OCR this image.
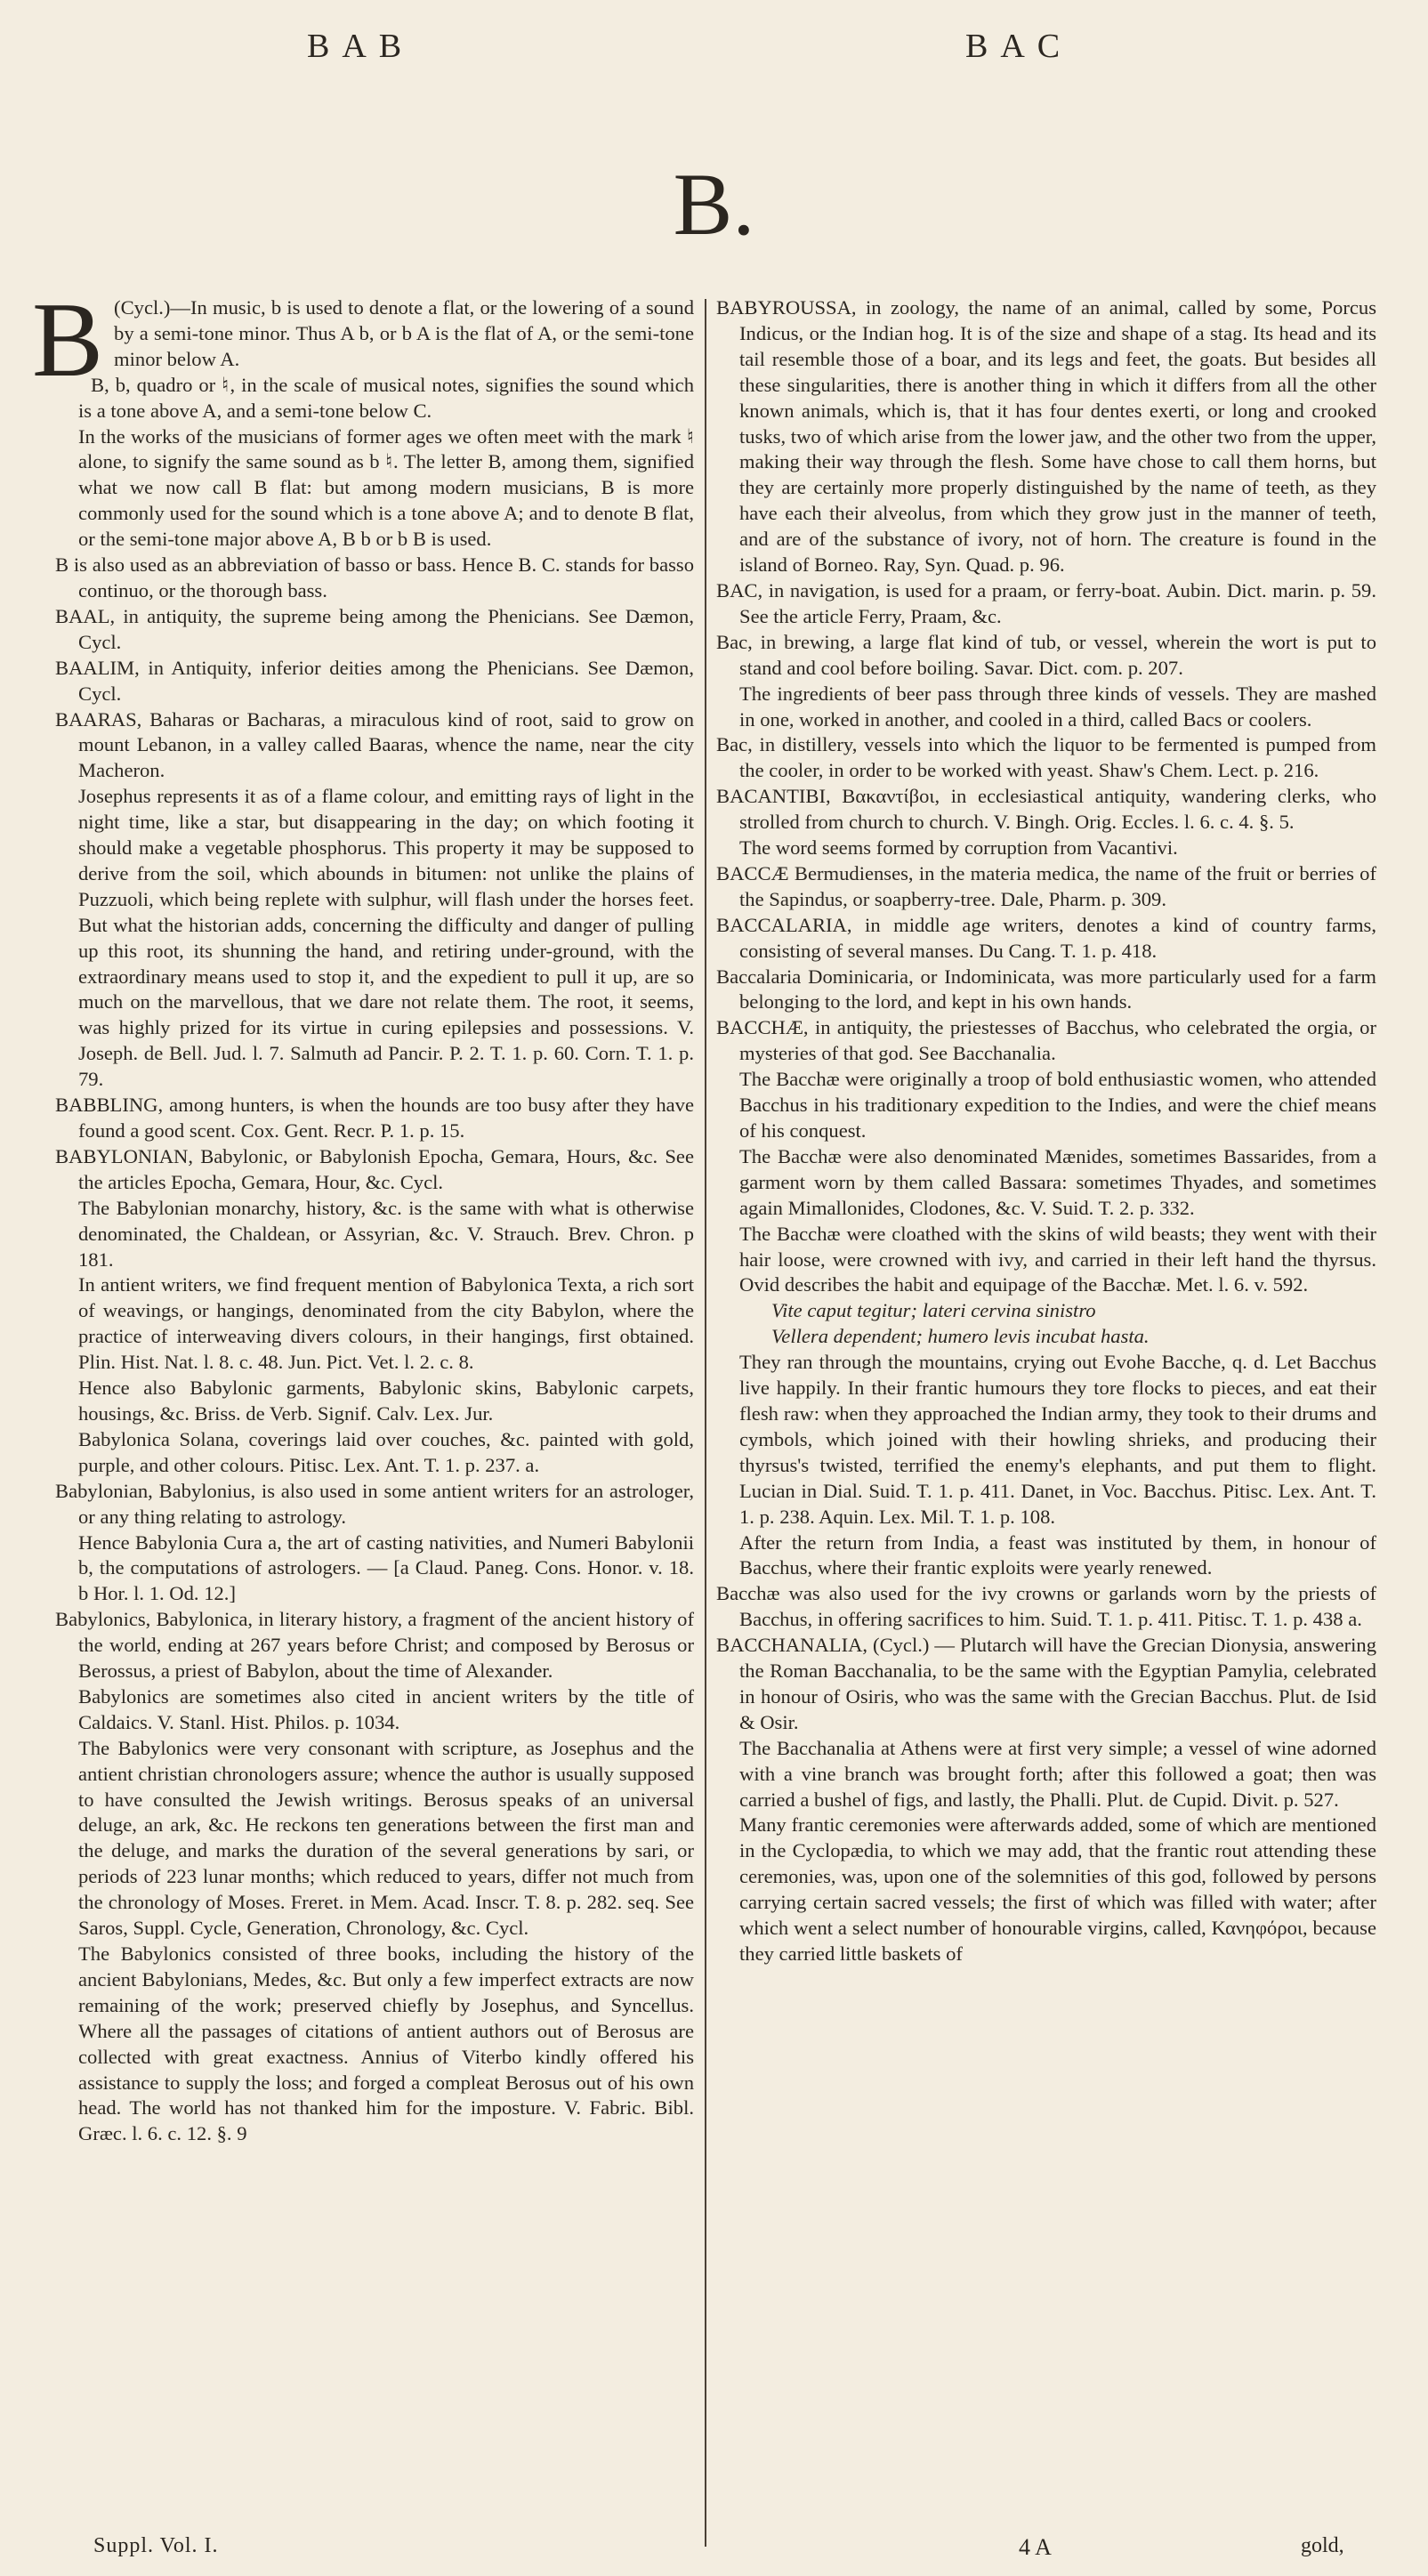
BAB	BAC
B.

B (Cycl.)—In music, b is used to denote a flat, or the lowering of a sound by a semi-tone minor. Thus A b, or b A is the flat of A, or the semi-tone minor below A.

B, b, quadro or ♮, in the scale of musical notes, signifies the sound which is a tone above A, and a semi-tone below C.

In the works of the musicians of former ages we often meet with the mark ♮ alone, to signify the same sound as b ♮. The letter B, among them, signified what we now call B flat: but among modern musicians, B is more commonly used for the sound which is a tone above A; and to denote B flat, or the semi-tone major above A, B b or b B is used.

B is also used as an abbreviation of basso or bass. Hence B. C. stands for basso continuo, or the thorough bass.

BAAL, in antiquity, the supreme being among the Phenicians. See Dæmon, Cycl.

BAALIM, in Antiquity, inferior deities among the Phenicians. See Dæmon, Cycl.

BAARAS, Baharas or Bacharas, a miraculous kind of root, said to grow on mount Lebanon, in a valley called Baaras, whence the name, near the city Macheron.

Josephus represents it as of a flame colour, and emitting rays of light in the night time, like a star, but disappearing in the day; on which footing it should make a vegetable phosphorus. This property it may be supposed to derive from the soil, which abounds in bitumen: not unlike the plains of Puzzuoli, which being replete with sulphur, will flash under the horses feet. But what the historian adds, concerning the difficulty and danger of pulling up this root, its shunning the hand, and retiring under-ground, with the extraordinary means used to stop it, and the expedient to pull it up, are so much on the marvellous, that we dare not relate them. The root, it seems, was highly prized for its virtue in curing epilepsies and possessions. V. Joseph. de Bell. Jud. l. 7. Salmuth ad Pancir. P. 2. T. 1. p. 60. Corn. T. 1. p. 79.

BABBLING, among hunters, is when the hounds are too busy after they have found a good scent. Cox. Gent. Recr. P. 1. p. 15.

BABYLONIAN, Babylonic, or Babylonish Epocha, Gemara, Hours, &c. See the articles Epocha, Gemara, Hour, &c. Cycl.

The Babylonian monarchy, history, &c. is the same with what is otherwise denominated, the Chaldean, or Assyrian, &c. V. Strauch. Brev. Chron. p 181.

In antient writers, we find frequent mention of Babylonica Texta, a rich sort of weavings, or hangings, denominated from the city Babylon, where the practice of interweaving divers colours, in their hangings, first obtained. Plin. Hist. Nat. l. 8. c. 48. Jun. Pict. Vet. l. 2. c. 8.

Hence also Babylonic garments, Babylonic skins, Babylonic carpets, housings, &c. Briss. de Verb. Signif. Calv. Lex. Jur.

Babylonica Solana, coverings laid over couches, &c. painted with gold, purple, and other colours. Pitisc. Lex. Ant. T. 1. p. 237. a.

Babylonian, Babylonius, is also used in some antient writers for an astrologer, or any thing relating to astrology.

Hence Babylonia Cura a, the art of casting nativities, and Numeri Babylonii b, the computations of astrologers. — [a Claud. Paneg. Cons. Honor. v. 18. b Hor. l. 1. Od. 12.]

Babylonics, Babylonica, in literary history, a fragment of the ancient history of the world, ending at 267 years before Christ; and composed by Berosus or Berossus, a priest of Babylon, about the time of Alexander.

Babylonics are sometimes also cited in ancient writers by the title of Caldaics. V. Stanl. Hist. Philos. p. 1034.

The Babylonics were very consonant with scripture, as Josephus and the antient christian chronologers assure; whence the author is usually supposed to have consulted the Jewish writings. Berosus speaks of an universal deluge, an ark, &c. He reckons ten generations between the first man and the deluge, and marks the duration of the several generations by sari, or periods of 223 lunar months; which reduced to years, differ not much from the chronology of Moses. Freret. in Mem. Acad. Inscr. T. 8. p. 282. seq. See Saros, Suppl. Cycle, Generation, Chronology, &c. Cycl.

The Babylonics consisted of three books, including the history of the ancient Babylonians, Medes, &c. But only a few imperfect extracts are now remaining of the work; preserved chiefly by Josephus, and Syncellus. Where all the passages of citations of antient authors out of Berosus are collected with great exactness. Annius of Viterbo kindly offered his assistance to supply the loss; and forged a compleat Berosus out of his own head. The world has not thanked him for the imposture. V. Fabric. Bibl. Græc. l. 6. c. 12. §. 9

BABYROUSSA, in zoology, the name of an animal, called by some, Porcus Indicus, or the Indian hog. It is of the size and shape of a stag. Its head and its tail resemble those of a boar, and its legs and feet, the goats. But besides all these singularities, there is another thing in which it differs from all the other known animals, which is, that it has four dentes exerti, or long and crooked tusks, two of which arise from the lower jaw, and the other two from the upper, making their way through the flesh. Some have chose to call them horns, but they are certainly more properly distinguished by the name of teeth, as they have each their alveolus, from which they grow just in the manner of teeth, and are of the substance of ivory, not of horn. The creature is found in the island of Borneo. Ray, Syn. Quad. p. 96.

BAC, in navigation, is used for a praam, or ferry-boat. Aubin. Dict. marin. p. 59. See the article Ferry, Praam, &c.

Bac, in brewing, a large flat kind of tub, or vessel, wherein the wort is put to stand and cool before boiling. Savar. Dict. com. p. 207.

The ingredients of beer pass through three kinds of vessels. They are mashed in one, worked in another, and cooled in a third, called Bacs or coolers.

Bac, in distillery, vessels into which the liquor to be fermented is pumped from the cooler, in order to be worked with yeast. Shaw's Chem. Lect. p. 216.

BACANTIBI, Βακαντίβοι, in ecclesiastical antiquity, wandering clerks, who strolled from church to church. V. Bingh. Orig. Eccles. l. 6. c. 4. §. 5.

The word seems formed by corruption from Vacantivi.

BACCÆ Bermudienses, in the materia medica, the name of the fruit or berries of the Sapindus, or soapberry-tree. Dale, Pharm. p. 309.

BACCALARIA, in middle age writers, denotes a kind of country farms, consisting of several manses. Du Cang. T. 1. p. 418.

Baccalaria Dominicaria, or Indominicata, was more particularly used for a farm belonging to the lord, and kept in his own hands.

BACCHÆ, in antiquity, the priestesses of Bacchus, who celebrated the orgia, or mysteries of that god. See Bacchanalia.

The Bacchæ were originally a troop of bold enthusiastic women, who attended Bacchus in his traditionary expedition to the Indies, and were the chief means of his conquest.

The Bacchæ were also denominated Mænides, sometimes Bassarides, from a garment worn by them called Bassara: sometimes Thyades, and sometimes again Mimallonides, Clodones, &c. V. Suid. T. 2. p. 332.

The Bacchæ were cloathed with the skins of wild beasts; they went with their hair loose, were crowned with ivy, and carried in their left hand the thyrsus. Ovid describes the habit and equipage of the Bacchæ. Met. l. 6. v. 592.

Vite caput tegitur; lateri cervina sinistro

Vellera dependent; humero levis incubat hasta.

They ran through the mountains, crying out Evohe Bacche, q. d. Let Bacchus live happily. In their frantic humours they tore flocks to pieces, and eat their flesh raw: when they approached the Indian army, they took to their drums and cymbols, which joined with their howling shrieks, and producing their thyrsus's twisted, terrified the enemy's elephants, and put them to flight. Lucian in Dial. Suid. T. 1. p. 411. Danet, in Voc. Bacchus. Pitisc. Lex. Ant. T. 1. p. 238. Aquin. Lex. Mil. T. 1. p. 108.

After the return from India, a feast was instituted by them, in honour of Bacchus, where their frantic exploits were yearly renewed.

Bacchæ was also used for the ivy crowns or garlands worn by the priests of Bacchus, in offering sacrifices to him. Suid. T. 1. p. 411. Pitisc. T. 1. p. 438 a.

BACCHANALIA, (Cycl.) — Plutarch will have the Grecian Dionysia, answering the Roman Bacchanalia, to be the same with the Egyptian Pamylia, celebrated in honour of Osiris, who was the same with the Grecian Bacchus. Plut. de Isid & Osir.

The Bacchanalia at Athens were at first very simple; a vessel of wine adorned with a vine branch was brought forth; after this followed a goat; then was carried a bushel of figs, and lastly, the Phalli. Plut. de Cupid. Divit. p. 527.

Many frantic ceremonies were afterwards added, some of which are mentioned in the Cyclopædia, to which we may add, that the frantic rout attending these ceremonies, was, upon one of the solemnities of this god, followed by persons carrying certain sacred vessels; the first of which was filled with water; after which went a select number of honourable virgins, called, Κανηφόροι, because they carried little baskets of

Suppl. Vol. I.	4 A	gold,
